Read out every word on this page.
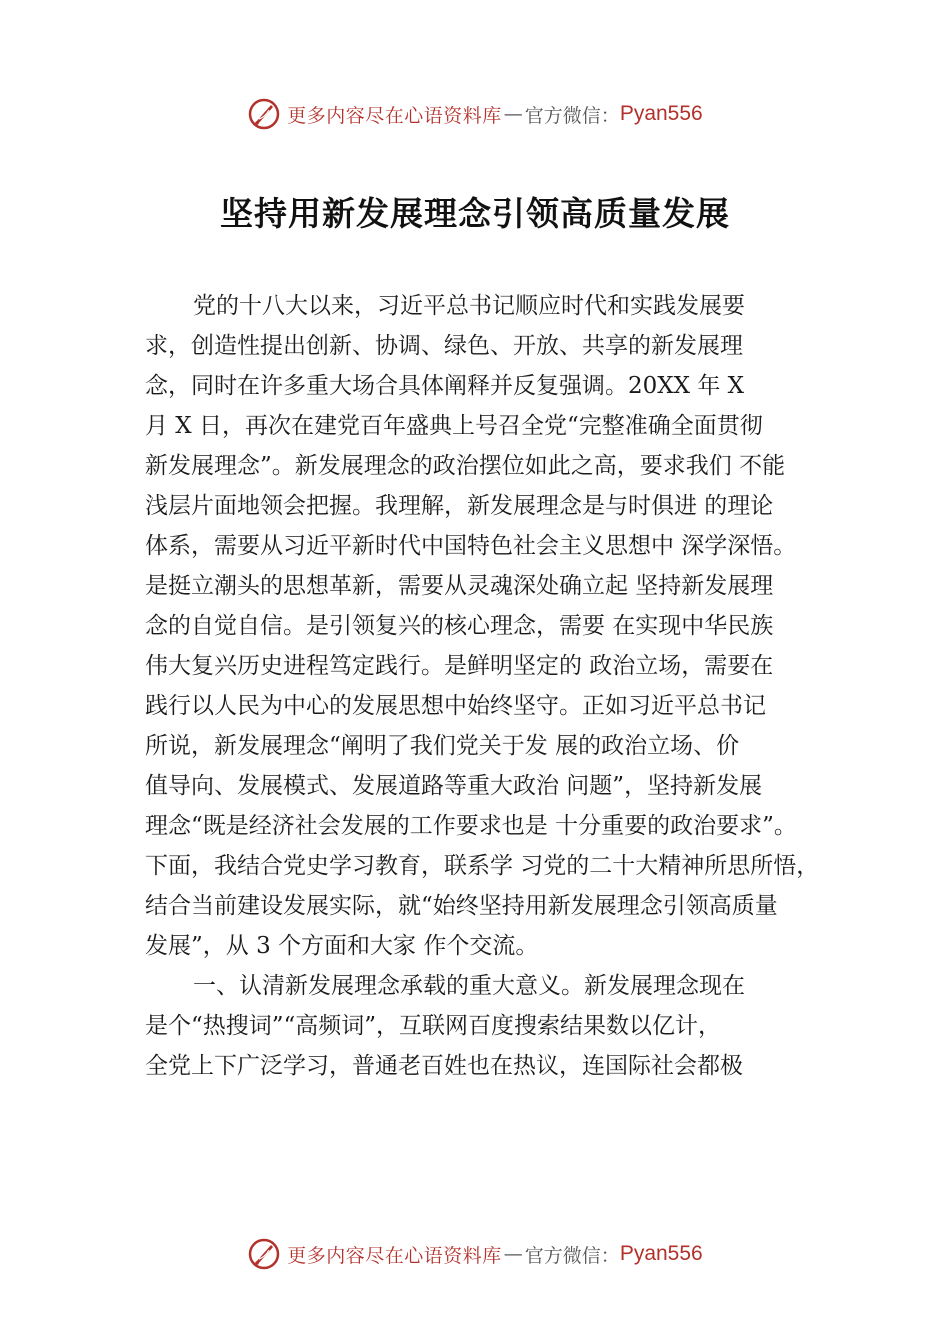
更多内容尽在心语资料库 — 官方微信： Pyan556
坚持用新发展理念引领高质量发展
党的十八大以来，习近平总书记顺应时代和实践发展要
求，创造性提出创新、协调、绿色、开放、共享的新发展理
念，同时在许多重大场合具体阐释并反复强调。20XX 年 X
月 X 日，再次在建党百年盛典上号召全党“完整准确全面贯彻
新发展理念”。新发展理念的政治摆位如此之高，要求我们 不能
浅层片面地领会把握。我理解，新发展理念是与时俱进 的理论
体系，需要从习近平新时代中国特色社会主义思想中 深学深悟。
是挺立潮头的思想革新，需要从灵魂深处确立起 坚持新发展理
念的自觉自信。是引领复兴的核心理念，需要 在实现中华民族
伟大复兴历史进程笃定践行。是鲜明坚定的 政治立场，需要在
践行以人民为中心的发展思想中始终坚守。正如习近平总书记
所说，新发展理念“阐明了我们党关于发 展的政治立场、价
值导向、发展模式、发展道路等重大政治 问题”，坚持新发展
理念“既是经济社会发展的工作要求也是 十分重要的政治要求”。
下面，我结合党史学习教育，联系学 习党的二十大精神所思所悟，
结合当前建设发展实际，就“始终坚持用新发展理念引领高质量
发展”，从 3 个方面和大家 作个交流。
一、认清新发展理念承载的重大意义。新发展理念现在
是个“热搜词”“高频词”，互联网百度搜索结果数以亿计，
全党上下广泛学习，普通老百姓也在热议，连国际社会都极
更多内容尽在心语资料库 — 官方微信： Pyan556
